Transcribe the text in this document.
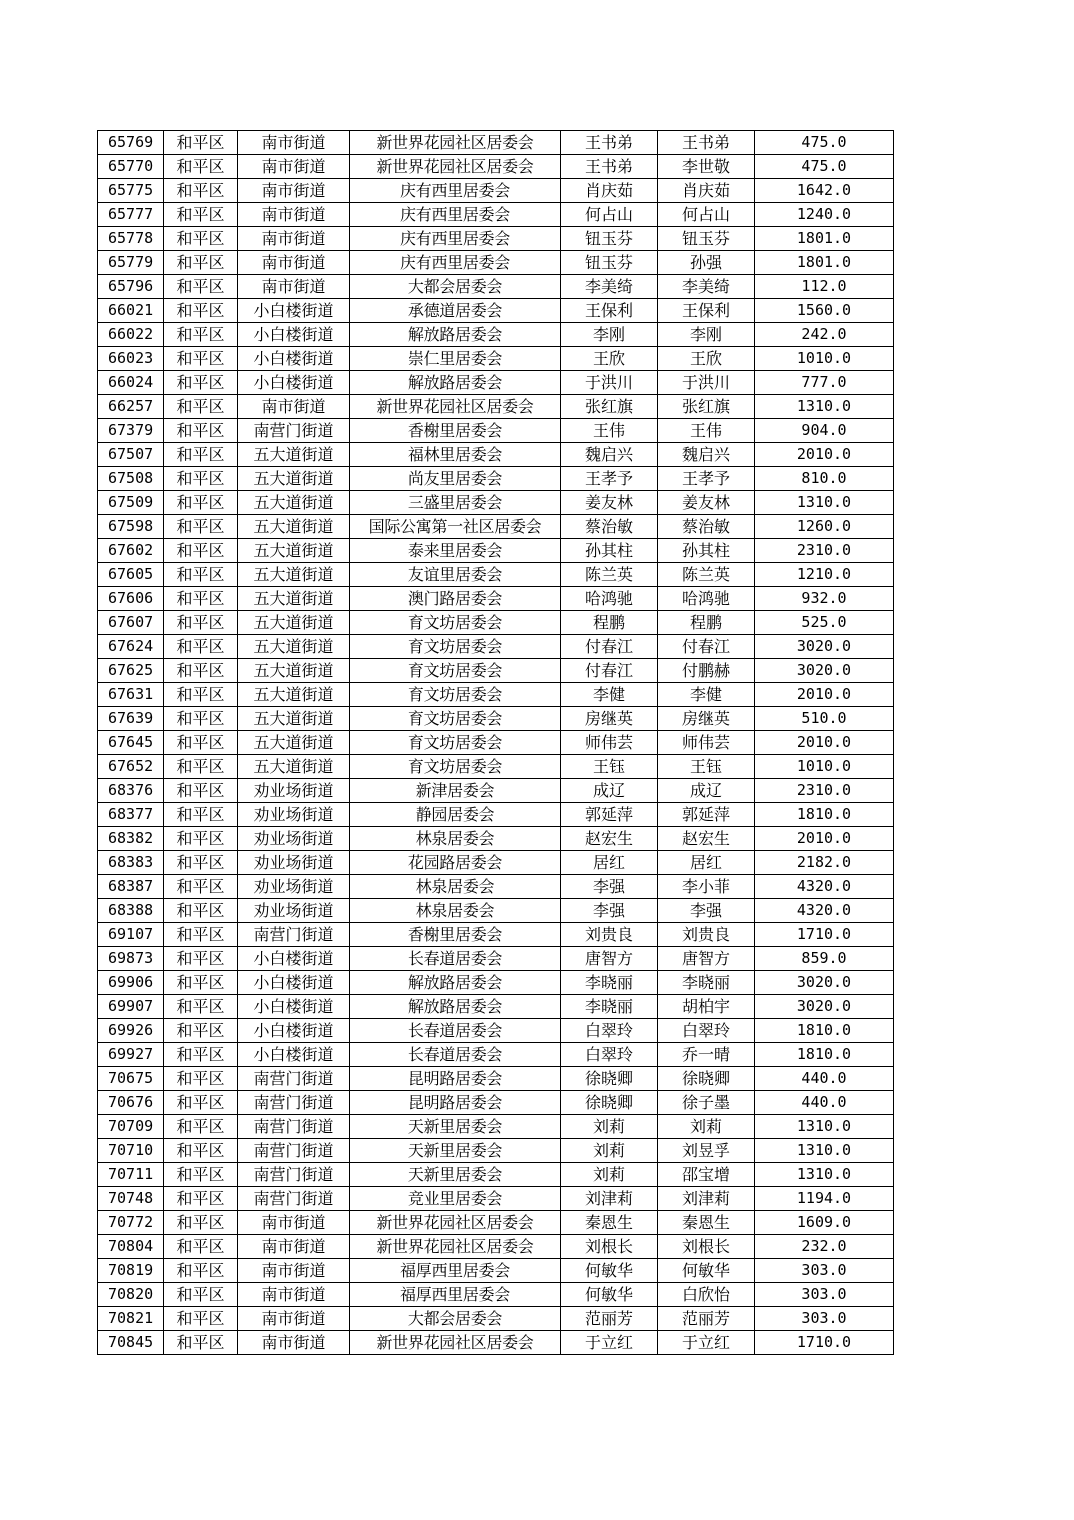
65769	和平区	南市街道	新世界花园社区居委会	王书弟	王书弟	475.0
65770	和平区	南市街道	新世界花园社区居委会	王书弟	李世敬	475.0
65775	和平区	南市街道	庆有西里居委会	肖庆茹	肖庆茹	1642.0
65777	和平区	南市街道	庆有西里居委会	何占山	何占山	1240.0
65778	和平区	南市街道	庆有西里居委会	钮玉芬	钮玉芬	1801.0
65779	和平区	南市街道	庆有西里居委会	钮玉芬	孙强	1801.0
65796	和平区	南市街道	大都会居委会	李美绮	李美绮	112.0
66021	和平区	小白楼街道	承德道居委会	王保利	王保利	1560.0
66022	和平区	小白楼街道	解放路居委会	李刚	李刚	242.0
66023	和平区	小白楼街道	崇仁里居委会	王欣	王欣	1010.0
66024	和平区	小白楼街道	解放路居委会	于洪川	于洪川	777.0
66257	和平区	南市街道	新世界花园社区居委会	张红旗	张红旗	1310.0
67379	和平区	南营门街道	香榭里居委会	王伟	王伟	904.0
67507	和平区	五大道街道	福林里居委会	魏启兴	魏启兴	2010.0
67508	和平区	五大道街道	尚友里居委会	王孝予	王孝予	810.0
67509	和平区	五大道街道	三盛里居委会	姜友林	姜友林	1310.0
67598	和平区	五大道街道	国际公寓第一社区居委会	蔡治敏	蔡治敏	1260.0
67602	和平区	五大道街道	泰来里居委会	孙其柱	孙其柱	2310.0
67605	和平区	五大道街道	友谊里居委会	陈兰英	陈兰英	1210.0
67606	和平区	五大道街道	澳门路居委会	哈鸿驰	哈鸿驰	932.0
67607	和平区	五大道街道	育文坊居委会	程鹏	程鹏	525.0
67624	和平区	五大道街道	育文坊居委会	付春江	付春江	3020.0
67625	和平区	五大道街道	育文坊居委会	付春江	付鹏赫	3020.0
67631	和平区	五大道街道	育文坊居委会	李健	李健	2010.0
67639	和平区	五大道街道	育文坊居委会	房继英	房继英	510.0
67645	和平区	五大道街道	育文坊居委会	师伟芸	师伟芸	2010.0
67652	和平区	五大道街道	育文坊居委会	王钰	王钰	1010.0
68376	和平区	劝业场街道	新津居委会	成辽	成辽	2310.0
68377	和平区	劝业场街道	静园居委会	郭延萍	郭延萍	1810.0
68382	和平区	劝业场街道	林泉居委会	赵宏生	赵宏生	2010.0
68383	和平区	劝业场街道	花园路居委会	居红	居红	2182.0
68387	和平区	劝业场街道	林泉居委会	李强	李小菲	4320.0
68388	和平区	劝业场街道	林泉居委会	李强	李强	4320.0
69107	和平区	南营门街道	香榭里居委会	刘贵良	刘贵良	1710.0
69873	和平区	小白楼街道	长春道居委会	唐智方	唐智方	859.0
69906	和平区	小白楼街道	解放路居委会	李晓丽	李晓丽	3020.0
69907	和平区	小白楼街道	解放路居委会	李晓丽	胡柏宇	3020.0
69926	和平区	小白楼街道	长春道居委会	白翠玲	白翠玲	1810.0
69927	和平区	小白楼街道	长春道居委会	白翠玲	乔一晴	1810.0
70675	和平区	南营门街道	昆明路居委会	徐晓卿	徐晓卿	440.0
70676	和平区	南营门街道	昆明路居委会	徐晓卿	徐子墨	440.0
70709	和平区	南营门街道	天新里居委会	刘莉	刘莉	1310.0
70710	和平区	南营门街道	天新里居委会	刘莉	刘昱孚	1310.0
70711	和平区	南营门街道	天新里居委会	刘莉	邵宝增	1310.0
70748	和平区	南营门街道	竞业里居委会	刘津莉	刘津莉	1194.0
70772	和平区	南市街道	新世界花园社区居委会	秦恩生	秦恩生	1609.0
70804	和平区	南市街道	新世界花园社区居委会	刘根长	刘根长	232.0
70819	和平区	南市街道	福厚西里居委会	何敏华	何敏华	303.0
70820	和平区	南市街道	福厚西里居委会	何敏华	白欣怡	303.0
70821	和平区	南市街道	大都会居委会	范丽芳	范丽芳	303.0
70845	和平区	南市街道	新世界花园社区居委会	于立红	于立红	1710.0
